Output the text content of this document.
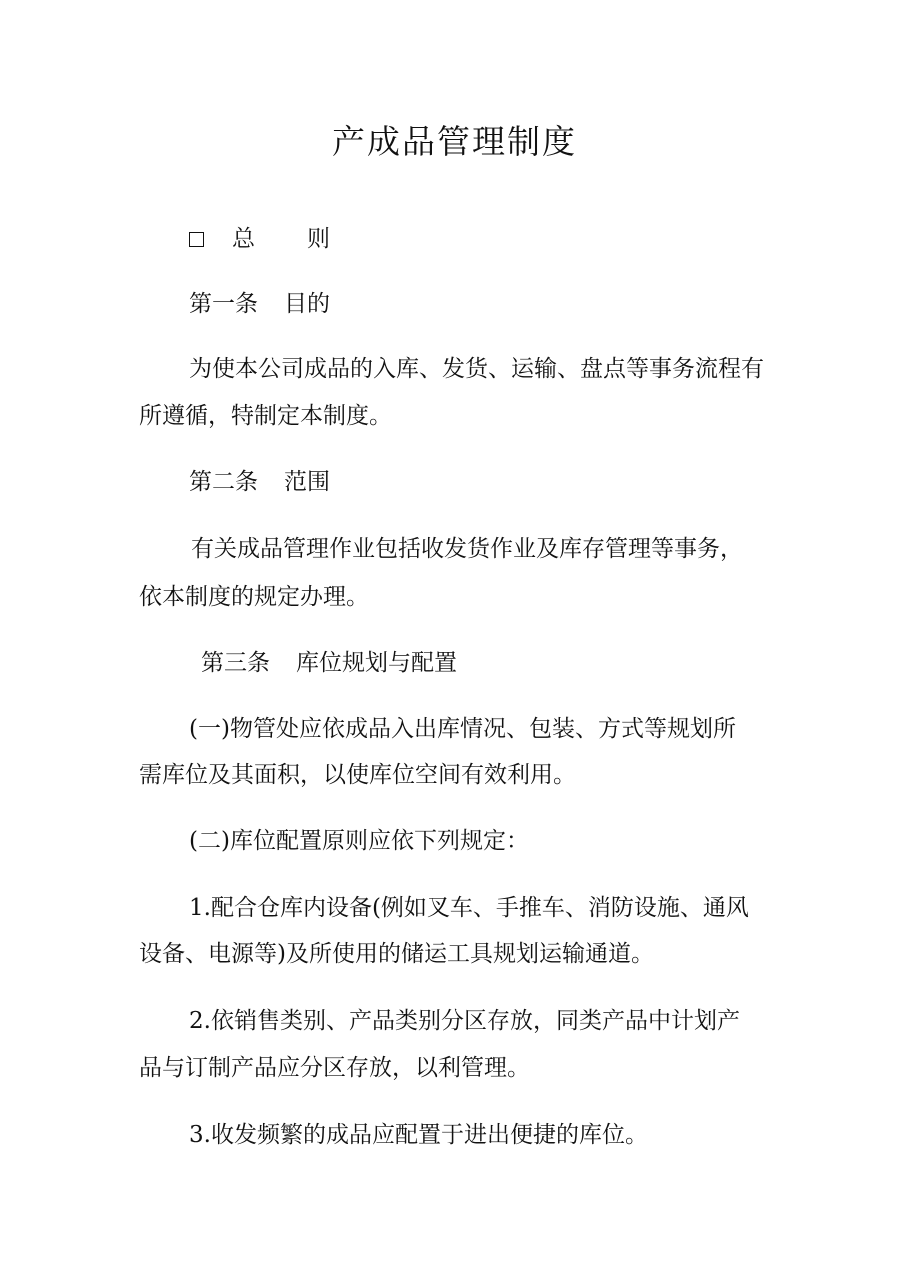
产成品管理制度

总 则

第一条 目的

为使本公司成品的入库、发货、运输、盘点等事务流程有

所遵循，特制定本制度。

第二条 范围

有关成品管理作业包括收发货作业及库存管理等事务，

依本制度的规定办理。

第三条 库位规划与配置

(一)物管处应依成品入出库情况、包装、方式等规划所

需库位及其面积，以使库位空间有效利用。

(二)库位配置原则应依下列规定：

1.配合仓库内设备(例如叉车、手推车、消防设施、通风

设备、电源等)及所使用的储运工具规划运输通道。

2.依销售类别、产品类别分区存放，同类产品中计划产

品与订制产品应分区存放，以利管理。

3.收发频繁的成品应配置于进出便捷的库位。
